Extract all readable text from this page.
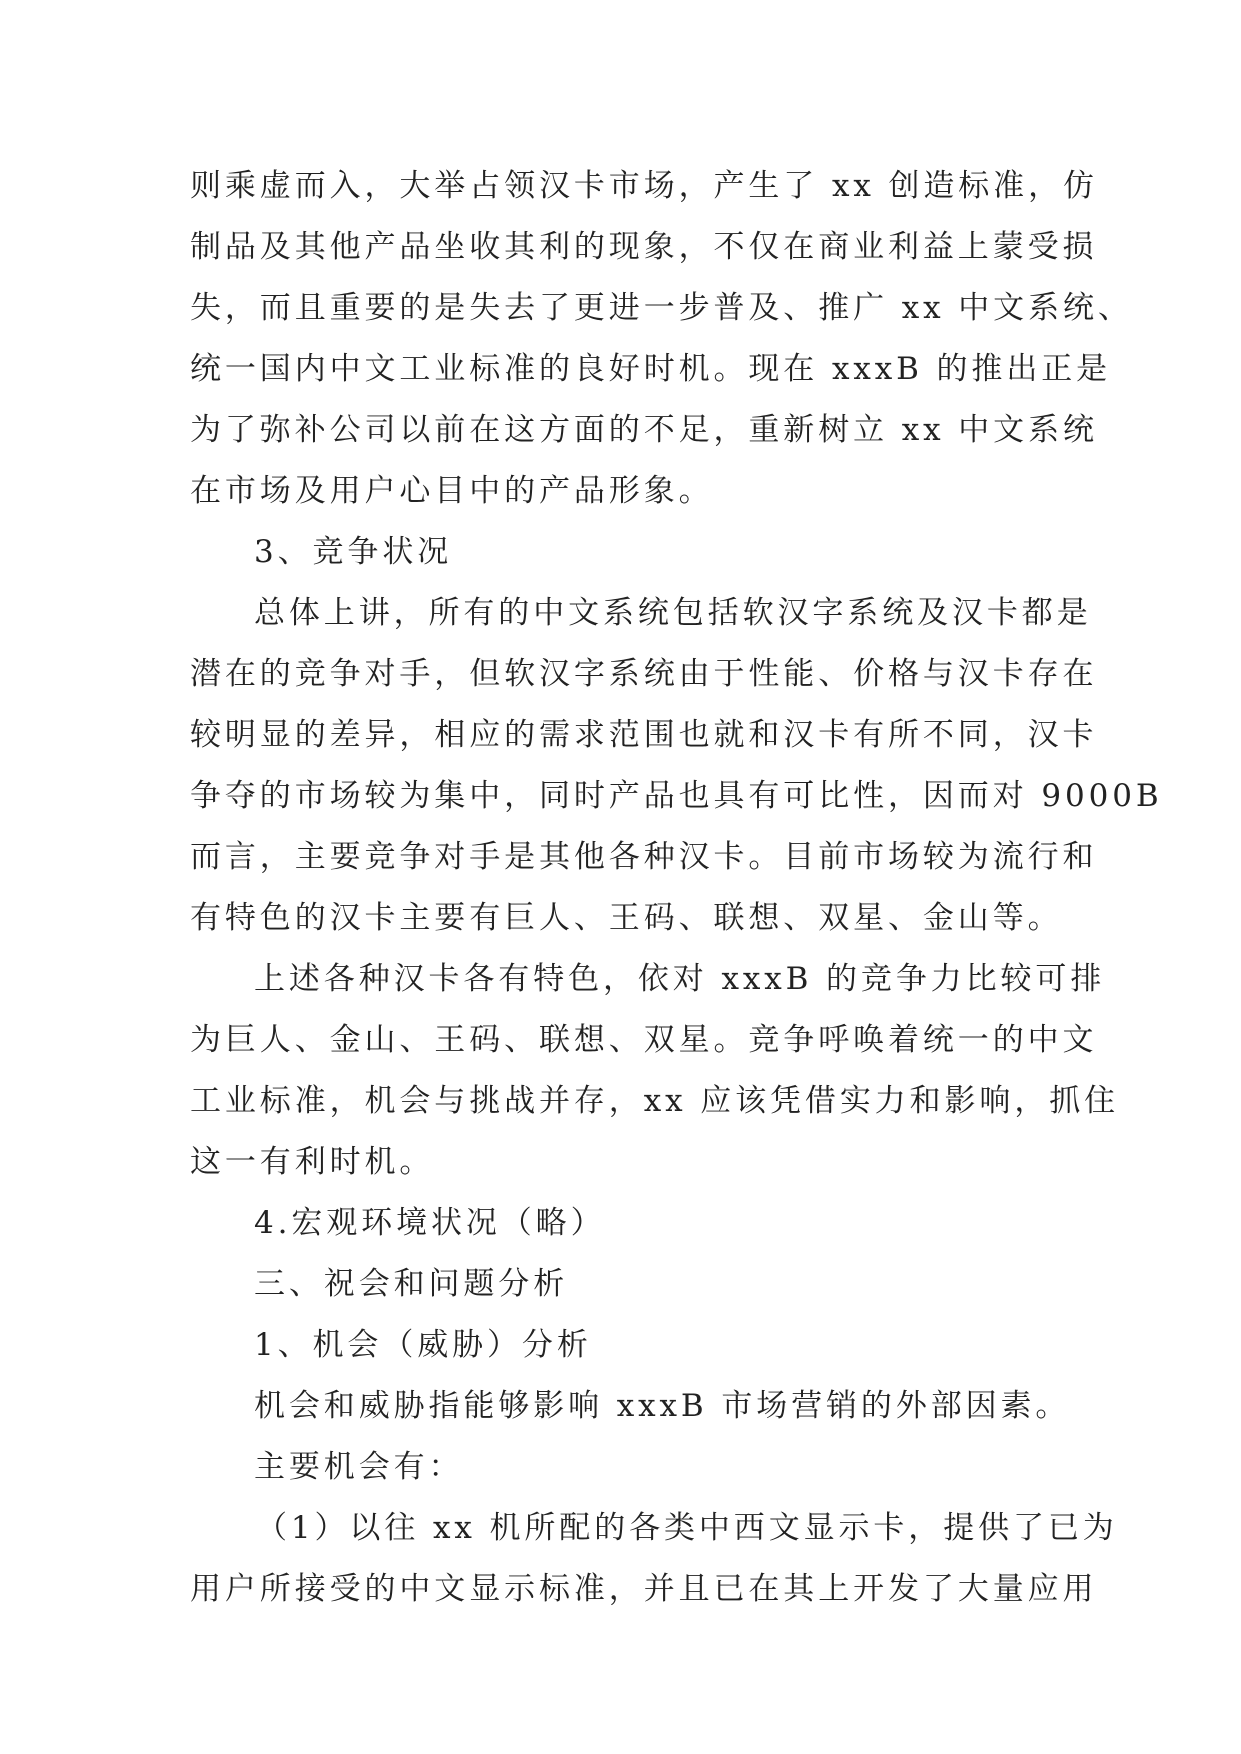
则乘虚而入，大举占领汉卡市场，产生了 xx 创造标准，仿
制品及其他产品坐收其利的现象，不仅在商业利益上蒙受损
失，而且重要的是失去了更进一步普及、推广 xx 中文系统、
统一国内中文工业标准的良好时机。现在 xxxB 的推出正是
为了弥补公司以前在这方面的不足，重新树立 xx 中文系统
在市场及用户心目中的产品形象。
3、竞争状况
总体上讲，所有的中文系统包括软汉字系统及汉卡都是
潜在的竞争对手，但软汉字系统由于性能、价格与汉卡存在
较明显的差异，相应的需求范围也就和汉卡有所不同，汉卡
争夺的市场较为集中，同时产品也具有可比性，因而对 9000B
而言，主要竞争对手是其他各种汉卡。目前市场较为流行和
有特色的汉卡主要有巨人、王码、联想、双星、金山等。
上述各种汉卡各有特色，依对 xxxB 的竞争力比较可排
为巨人、金山、王码、联想、双星。竞争呼唤着统一的中文
工业标准，机会与挑战并存，xx 应该凭借实力和影响，抓住
这一有利时机。
4.宏观环境状况（略）
三、祝会和问题分析
1、机会（威胁）分析
机会和威胁指能够影响 xxxB 市场营销的外部因素。
主要机会有：
（1）以往 xx 机所配的各类中西文显示卡，提供了已为
用户所接受的中文显示标准，并且已在其上开发了大量应用
